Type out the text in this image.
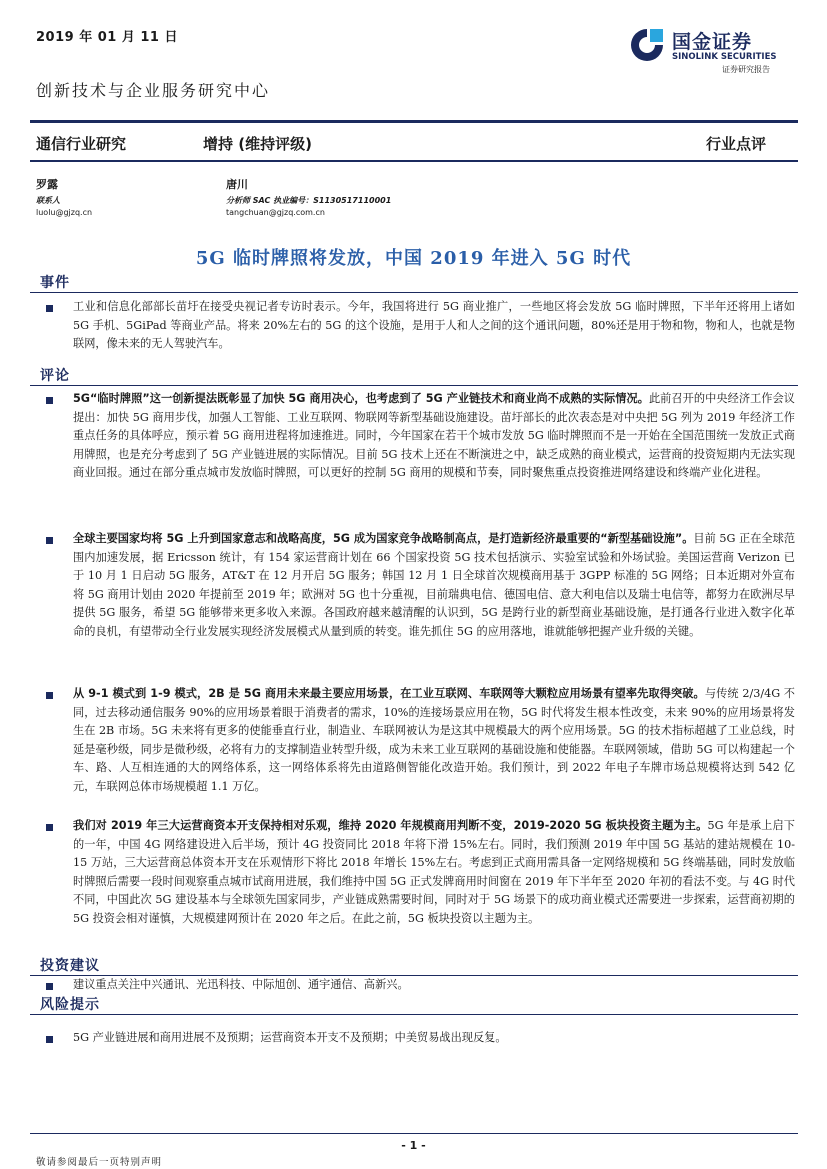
2019 年 01 月 11 日
创新技术与企业服务研究中心
国金证券
SINOLINK SECURITIES
证券研究报告
通信行业研究	增持 (维持评级)	行业点评
罗露
联系人
luolu@gjzq.cn
唐川
分析师 SAC 执业编号：S1130517110001
tangchuan@gjzq.com.cn
5G 临时牌照将发放，中国 2019 年进入 5G 时代
事件
工业和信息化部部长苗圩在接受央视记者专访时表示。今年，我国将进行 5G 商业推广，一些地区将会发放 5G 临时牌照，下半年还将用上诸如 5G 手机、5GiPad 等商业产品。将来 20%左右的 5G 的这个设施，是用于人和人之间的这个通讯问题，80%还是用于物和物，物和人，也就是物联网，像未来的无人驾驶汽车。
评论
5G“临时牌照”这一创新提法既彰显了加快 5G 商用决心，也考虑到了 5G 产业链技术和商业尚不成熟的实际情况。此前召开的中央经济工作会议提出：加快 5G 商用步伐，加强人工智能、工业互联网、物联网等新型基础设施建设。苗圩部长的此次表态是对中央把 5G 列为 2019 年经济工作重点任务的具体呼应，预示着 5G 商用进程将加速推进。同时，今年国家在若干个城市发放 5G 临时牌照而不是一开始在全国范围统一发放正式商用牌照，也是充分考虑到了 5G 产业链进展的实际情况。目前 5G 技术上还在不断演进之中，缺乏成熟的商业模式，运营商的投资短期内无法实现商业回报。通过在部分重点城市发放临时牌照，可以更好的控制 5G 商用的规模和节奏，同时聚焦重点投资推进网络建设和终端产业化进程。
全球主要国家均将 5G 上升到国家意志和战略高度，5G 成为国家竞争战略制高点，是打造新经济最重要的“新型基础设施”。目前 5G 正在全球范围内加速发展，据 Ericsson 统计，有 154 家运营商计划在 66 个国家投资 5G 技术包括演示、实验室试验和外场试验。美国运营商 Verizon 已于 10 月 1 日启动 5G 服务，AT&T 在 12 月开启 5G 服务；韩国 12 月 1 日全球首次规模商用基于 3GPP 标准的 5G 网络；日本近期对外宣布将 5G 商用计划由 2020 年提前至 2019 年；欧洲对 5G 也十分重视，目前瑞典电信、德国电信、意大利电信以及瑞士电信等，都努力在欧洲尽早提供 5G 服务，希望 5G 能够带来更多收入来源。各国政府越来越清醒的认识到，5G 是跨行业的新型商业基础设施，是打通各行业进入数字化革命的良机，有望带动全行业发展实现经济发展模式从量到质的转变。谁先抓住 5G 的应用落地，谁就能够把握产业升级的关键。
从 9-1 模式到 1-9 模式，2B 是 5G 商用未来最主要应用场景，在工业互联网、车联网等大颗粒应用场景有望率先取得突破。与传统 2/3/4G 不同，过去移动通信服务 90%的应用场景着眼于消费者的需求，10%的连接场景应用在物，5G 时代将发生根本性改变，未来 90%的应用场景将发生在 2B 市场。5G 未来将有更多的使能垂直行业，制造业、车联网被认为是这其中规模最大的两个应用场景。5G 的技术指标超越了工业总线，时延是毫秒级，同步是微秒级，必将有力的支撑制造业转型升级，成为未来工业互联网的基础设施和使能器。车联网领域，借助 5G 可以构建起一个车、路、人互相连通的大的网络体系，这一网络体系将先由道路侧智能化改造开始。我们预计，到 2022 年电子车牌市场总规模将达到 542 亿元，车联网总体市场规模超 1.1 万亿。
我们对 2019 年三大运营商资本开支保持相对乐观，维持 2020 年规模商用判断不变，2019-2020 5G 板块投资主题为主。5G 年是承上启下的一年，中国 4G 网络建设进入后半场，预计 4G 投资同比 2018 年将下滑 15%左右。同时，我们预测 2019 年中国 5G 基站的建站规模在 10-15 万站，三大运营商总体资本开支在乐观情形下将比 2018 年增长 15%左右。考虑到正式商用需具备一定网络规模和 5G 终端基础，同时发放临时牌照后需要一段时间观察重点城市试商用进展，我们维持中国 5G 正式发牌商用时间窗在 2019 年下半年至 2020 年初的看法不变。与 4G 时代不同，中国此次 5G 建设基本与全球领先国家同步，产业链成熟需要时间，同时对于 5G 场景下的成功商业模式还需要进一步探索，运营商初期的 5G 投资会相对谨慎，大规模建网预计在 2020 年之后。在此之前，5G 板块投资以主题为主。
投资建议
建议重点关注中兴通讯、光迅科技、中际旭创、通宇通信、高新兴。
风险提示
5G 产业链进展和商用进展不及预期；运营商资本开支不及预期；中美贸易战出现反复。
- 1 -
敬请参阅最后一页特别声明
